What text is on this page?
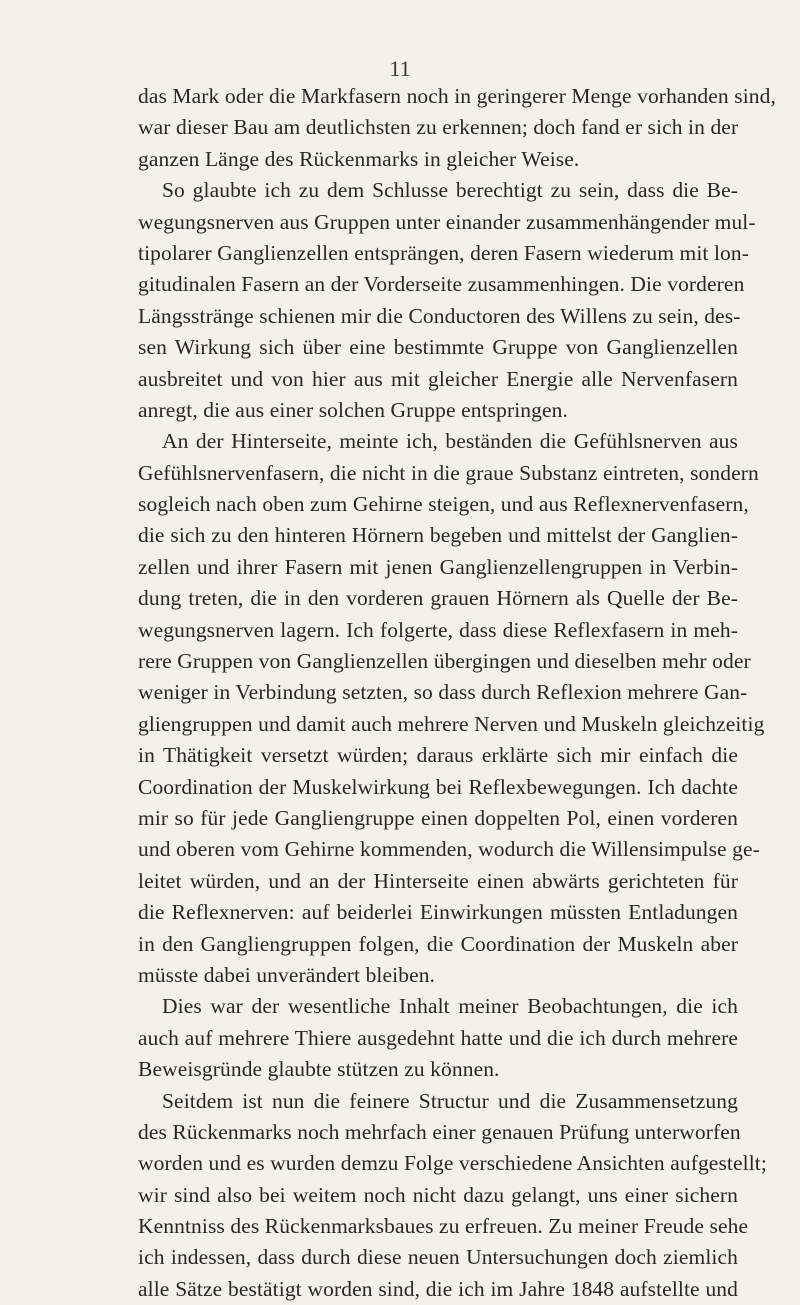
11
das Mark oder die Markfasern noch in geringerer Menge vorhanden sind,
war dieser Bau am deutlichsten zu erkennen; doch fand er sich in der
ganzen Länge des Rückenmarks in gleicher Weise.
So glaubte ich zu dem Schlusse berechtigt zu sein, dass die Be-
wegungsnerven aus Gruppen unter einander zusammenhängender mul-
tipolarer Ganglienzellen entsprängen, deren Fasern wiederum mit lon-
gitudinalen Fasern an der Vorderseite zusammenhingen. Die vorderen
Längsstränge schienen mir die Conductoren des Willens zu sein, des-
sen Wirkung sich über eine bestimmte Gruppe von Ganglienzellen
ausbreitet und von hier aus mit gleicher Energie alle Nervenfasern
anregt, die aus einer solchen Gruppe entspringen.
An der Hinterseite, meinte ich, beständen die Gefühlsnerven aus
Gefühlsnervenfasern, die nicht in die graue Substanz eintreten, sondern
sogleich nach oben zum Gehirne steigen, und aus Reflexnervenfasern,
die sich zu den hinteren Hörnern begeben und mittelst der Ganglien-
zellen und ihrer Fasern mit jenen Ganglienzellengruppen in Verbin-
dung treten, die in den vorderen grauen Hörnern als Quelle der Be-
wegungsnerven lagern. Ich folgerte, dass diese Reflexfasern in meh-
rere Gruppen von Ganglienzellen übergingen und dieselben mehr oder
weniger in Verbindung setzten, so dass durch Reflexion mehrere Gan-
gliengruppen und damit auch mehrere Nerven und Muskeln gleichzeitig
in Thätigkeit versetzt würden; daraus erklärte sich mir einfach die
Coordination der Muskelwirkung bei Reflexbewegungen. Ich dachte
mir so für jede Gangliengruppe einen doppelten Pol, einen vorderen
und oberen vom Gehirne kommenden, wodurch die Willensimpulse ge-
leitet würden, und an der Hinterseite einen abwärts gerichteten für
die Reflexnerven: auf beiderlei Einwirkungen müssten Entladungen
in den Gangliengruppen folgen, die Coordination der Muskeln aber
müsste dabei unverändert bleiben.
Dies war der wesentliche Inhalt meiner Beobachtungen, die ich
auch auf mehrere Thiere ausgedehnt hatte und die ich durch mehrere
Beweisgründe glaubte stützen zu können.
Seitdem ist nun die feinere Structur und die Zusammensetzung
des Rückenmarks noch mehrfach einer genauen Prüfung unterworfen
worden und es wurden demzu Folge verschiedene Ansichten aufgestellt;
wir sind also bei weitem noch nicht dazu gelangt, uns einer sichern
Kenntniss des Rückenmarksbaues zu erfreuen. Zu meiner Freude sehe
ich indessen, dass durch diese neuen Untersuchungen doch ziemlich
alle Sätze bestätigt worden sind, die ich im Jahre 1848 aufstellte und
